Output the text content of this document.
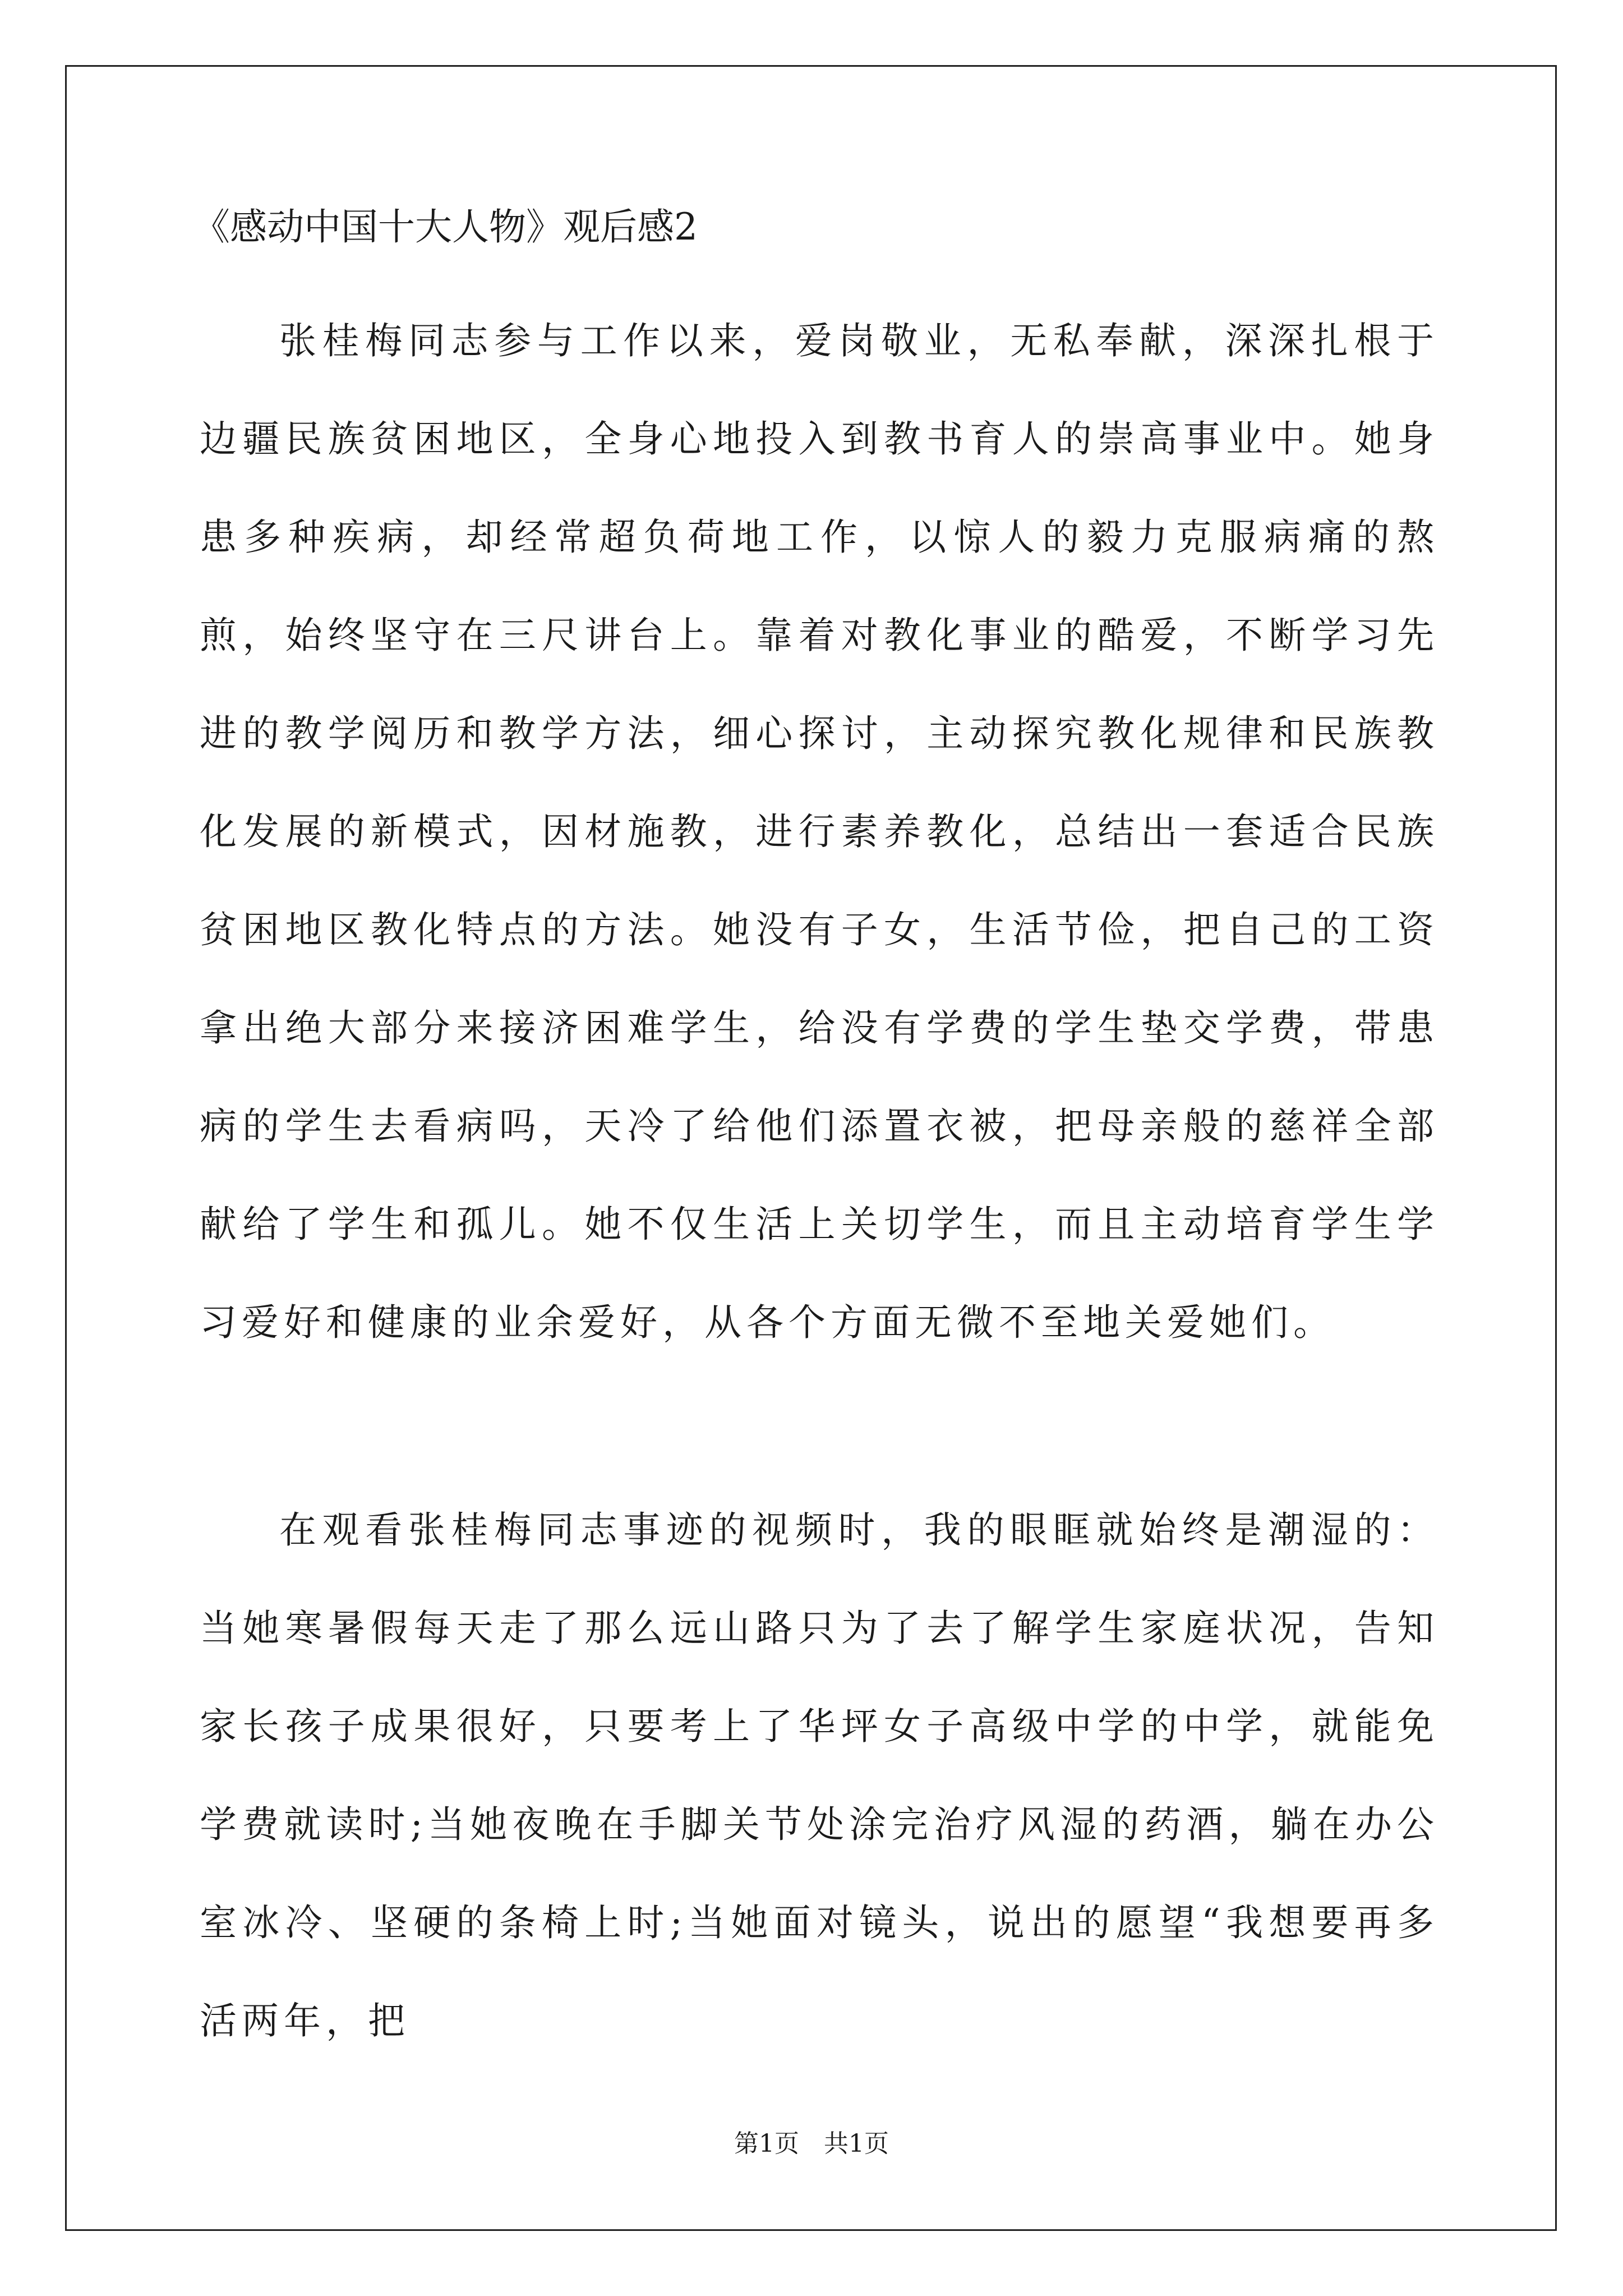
《感动中国十大人物》观后感2

张桂梅同志参与工作以来，爱岗敬业，无私奉献，深深扎根于边疆民族贫困地区，全身心地投入到教书育人的崇高事业中。她身患多种疾病，却经常超负荷地工作，以惊人的毅力克服病痛的熬煎，始终坚守在三尺讲台上。靠着对教化事业的酷爱，不断学习先进的教学阅历和教学方法，细心探讨，主动探究教化规律和民族教化发展的新模式，因材施教，进行素养教化，总结出一套适合民族贫困地区教化特点的方法。她没有子女，生活节俭，把自己的工资拿出绝大部分来接济困难学生，给没有学费的学生垫交学费，带患病的学生去看病吗，天冷了给他们添置衣被，把母亲般的慈祥全部献给了学生和孤儿。她不仅生活上关切学生，而且主动培育学生学习爱好和健康的业余爱好，从各个方面无微不至地关爱她们。

在观看张桂梅同志事迹的视频时，我的眼眶就始终是潮湿的：当她寒暑假每天走了那么远山路只为了去了解学生家庭状况，告知家长孩子成果很好，只要考上了华坪女子高级中学的中学，就能免学费就读时;当她夜晚在手脚关节处涂完治疗风湿的药酒，躺在办公室冰冷、坚硬的条椅上时;当她面对镜头，说出的愿望“我想要再多活两年，把

第1页　共1页
